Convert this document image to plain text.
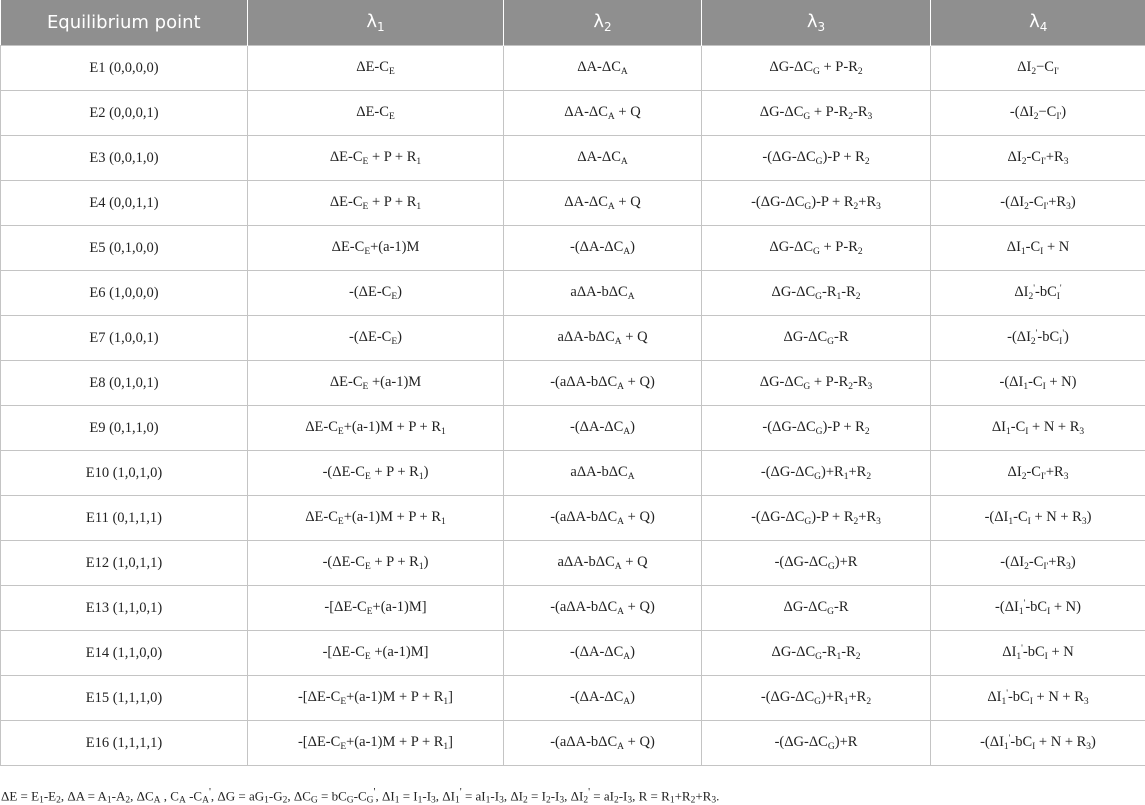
Equilibrium point	$\lambda_1$	$\lambda_2$	$\lambda_3$	$\lambda_4$
E1 (0,0,0,0)	$\Delta E-C_E$	$\Delta A-\Delta C_A$	$\Delta G-\Delta C_G + P-R_2$	$\Delta I_2-C_{I'}$
E2 (0,0,0,1)	$\Delta E-C_E$	$\Delta A-\Delta C_A + Q$	$\Delta G-\Delta C_G + P-R_2-R_3$	$-(\Delta I_2-C_{I'})$
E3 (0,0,1,0)	$\Delta E-C_E + P + R_1$	$\Delta A-\Delta C_A$	$-(\Delta G-\Delta C_G)-P + R_2$	$\Delta I_2-C_{I'}+R_3$
E4 (0,0,1,1)	$\Delta E-C_E + P + R_1$	$\Delta A-\Delta C_A + Q$	$-(\Delta G-\Delta C_G)-P + R_2+R_3$	$-(\Delta I_2-C_{I'}+R_3)$
E5 (0,1,0,0)	$\Delta E-C_E+(a-1)M$	$-(\Delta A-\Delta C_A)$	$\Delta G-\Delta C_G + P-R_2$	$\Delta I_1-C_I + N$
E6 (1,0,0,0)	$-(\Delta E-C_E)$	aΔA-bΔC$_A$	$\Delta G-\Delta C_G-R_1-R_2$	$\Delta I_2'-bC_I'$
E7 (1,0,0,1)	$-(\Delta E-C_E)$	aΔA-bΔC$_A$ + Q	$\Delta G-\Delta C_G-R$	$-(\Delta I_2'-bC_I')$
E8 (0,1,0,1)	$\Delta E-C_E +(a-1)M$	-(aΔA-bΔC$_A$ + Q)	$\Delta G-\Delta C_G + P-R_2-R_3$	$-(\Delta I_1-C_I + N)$
E9 (0,1,1,0)	$\Delta E-C_E+(a-1)M + P + R_1$	$-(\Delta A-\Delta C_A)$	$-(\Delta G-\Delta C_G)-P + R_2$	$\Delta I_1-C_I + N + R_3$
E10 (1,0,1,0)	$-(\Delta E-C_E + P + R_1)$	aΔA-bΔC$_A$	$-(\Delta G-\Delta C_G)+R_1+R_2$	$\Delta I_2-C_{I'}+R_3$
E11 (0,1,1,1)	$\Delta E-C_E+(a-1)M + P + R_1$	-(aΔA-bΔC$_A$ + Q)	$-(\Delta G-\Delta C_G)-P + R_2+R_3$	$-(\Delta I_1-C_I + N + R_3)$
E12 (1,0,1,1)	$-(\Delta E-C_E + P + R_1)$	aΔA-bΔC$_A$ + Q	$-(\Delta G-\Delta C_G)+R$	$-(\Delta I_2-C_{I'}+R_3)$
E13 (1,1,0,1)	$-[\Delta E-C_E+(a-1)M]$	-(aΔA-bΔC$_A$ + Q)	$\Delta G-\Delta C_G-R$	$-(\Delta I_1'-bC_I + N)$
E14 (1,1,0,0)	$-[\Delta E-C_E +(a-1)M]$	$-(\Delta A-\Delta C_A)$	$\Delta G-\Delta C_G-R_1-R_2$	$\Delta I_1'-bC_I + N$
E15 (1,1,1,0)	$-[\Delta E-C_E+(a-1)M + P + R_1]$	$-(\Delta A-\Delta C_A)$	$-(\Delta G-\Delta C_G)+R_1+R_2$	$\Delta I_1'-bC_I + N + R_3$
E16 (1,1,1,1)	$-[\Delta E-C_E+(a-1)M + P + R_1]$	-(aΔA-bΔC$_A$ + Q)	$-(\Delta G-\Delta C_G)+R$	$-(\Delta I_1'-bC_I + N + R_3)$
$\Delta E = E_1-E_2$, $\Delta A = A_1-A_2$, $\Delta C_A$ , $C_A$ $-C_A'$, $\Delta G = aG_1-G_2$, $\Delta C_G = bC_G-C_G'$, $\Delta I_1 = I_1-I_3$, $\Delta I_1' = aI_1-I_3$, $\Delta I_2 = I_2-I_3$, $\Delta I_2' = aI_2-I_3$, $R = R_1+R_2+R_3$.
